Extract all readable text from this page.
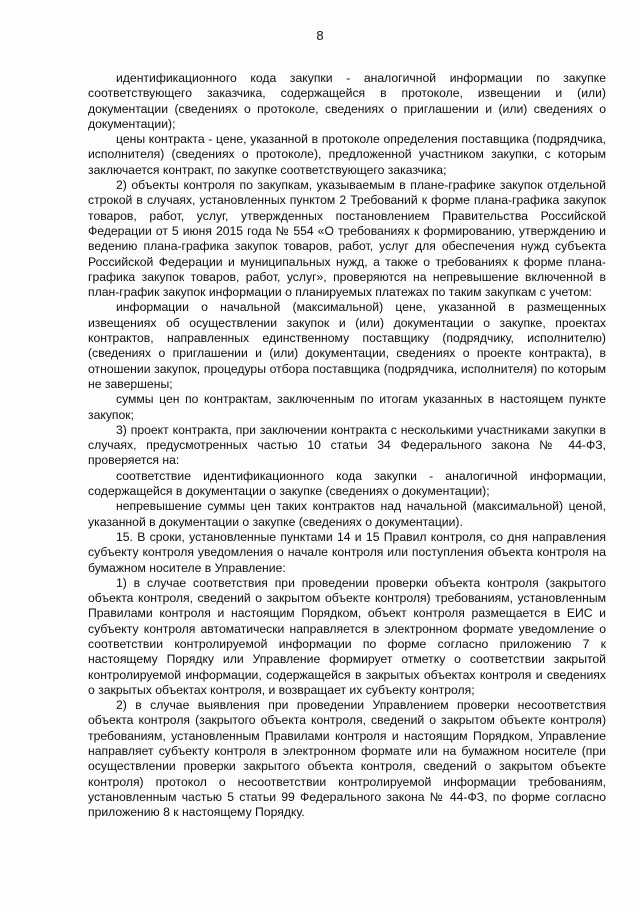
8

идентификационного кода закупки - аналогичной информации по закупке соответствующего заказчика, содержащейся в протоколе, извещении и (или) документации (сведениях о протоколе, сведениях о приглашении и (или) сведениях о документации);

цены контракта - цене, указанной в протоколе определения поставщика (подрядчика, исполнителя) (сведениях о протоколе), предложенной участником закупки, с которым заключается контракт, по закупке соответствующего заказчика;

2) объекты контроля по закупкам, указываемым в плане-графике закупок отдельной строкой в случаях, установленных пунктом 2 Требований к форме плана-графика закупок товаров, работ, услуг, утвержденных постановлением Правительства Российской Федерации от 5 июня 2015 года № 554 «О требованиях к формированию, утверждению и ведению плана-графика закупок товаров, работ, услуг для обеспечения нужд субъекта Российской Федерации и муниципальных нужд, а также о требованиях к форме плана-графика закупок товаров, работ, услуг», проверяются на непревышение включенной в план-график закупок информации о планируемых платежах по таким закупкам с учетом:

информации о начальной (максимальной) цене, указанной в размещенных извещениях об осуществлении закупок и (или) документации о закупке, проектах контрактов, направленных единственному поставщику (подрядчику, исполнителю) (сведениях о приглашении и (или) документации, сведениях о проекте контракта), в отношении закупок, процедуры отбора поставщика (подрядчика, исполнителя) по которым не завершены;

суммы цен по контрактам, заключенным по итогам указанных в настоящем пункте закупок;

3) проект контракта, при заключении контракта с несколькими участниками закупки в случаях, предусмотренных частью 10 статьи 34 Федерального закона № 44-ФЗ, проверяется на:

соответствие идентификационного кода закупки - аналогичной информации, содержащейся в документации о закупке (сведениях о документации);

непревышение суммы цен таких контрактов над начальной (максимальной) ценой, указанной в документации о закупке (сведениях о документации).

15. В сроки, установленные пунктами 14 и 15 Правил контроля, со дня направления субъекту контроля уведомления о начале контроля или поступления объекта контроля на бумажном носителе в Управление:

1) в случае соответствия при проведении проверки объекта контроля (закрытого объекта контроля, сведений о закрытом объекте контроля) требованиям, установленным Правилами контроля и настоящим Порядком, объект контроля размещается в ЕИС и субъекту контроля автоматически направляется в электронном формате уведомление о соответствии контролируемой информации по форме согласно приложению 7 к настоящему Порядку или Управление формирует отметку о соответствии закрытой контролируемой информации, содержащейся в закрытых объектах контроля и сведениях о закрытых объектах контроля, и возвращает их субъекту контроля;

2) в случае выявления при проведении Управлением проверки несоответствия объекта контроля (закрытого объекта контроля, сведений о закрытом объекте контроля) требованиям, установленным Правилами контроля и настоящим Порядком, Управление направляет субъекту контроля в электронном формате или на бумажном носителе (при осуществлении проверки закрытого объекта контроля, сведений о закрытом объекте контроля) протокол о несоответствии контролируемой информации требованиям, установленным частью 5 статьи 99 Федерального закона № 44-ФЗ, по форме согласно приложению 8 к настоящему Порядку.
